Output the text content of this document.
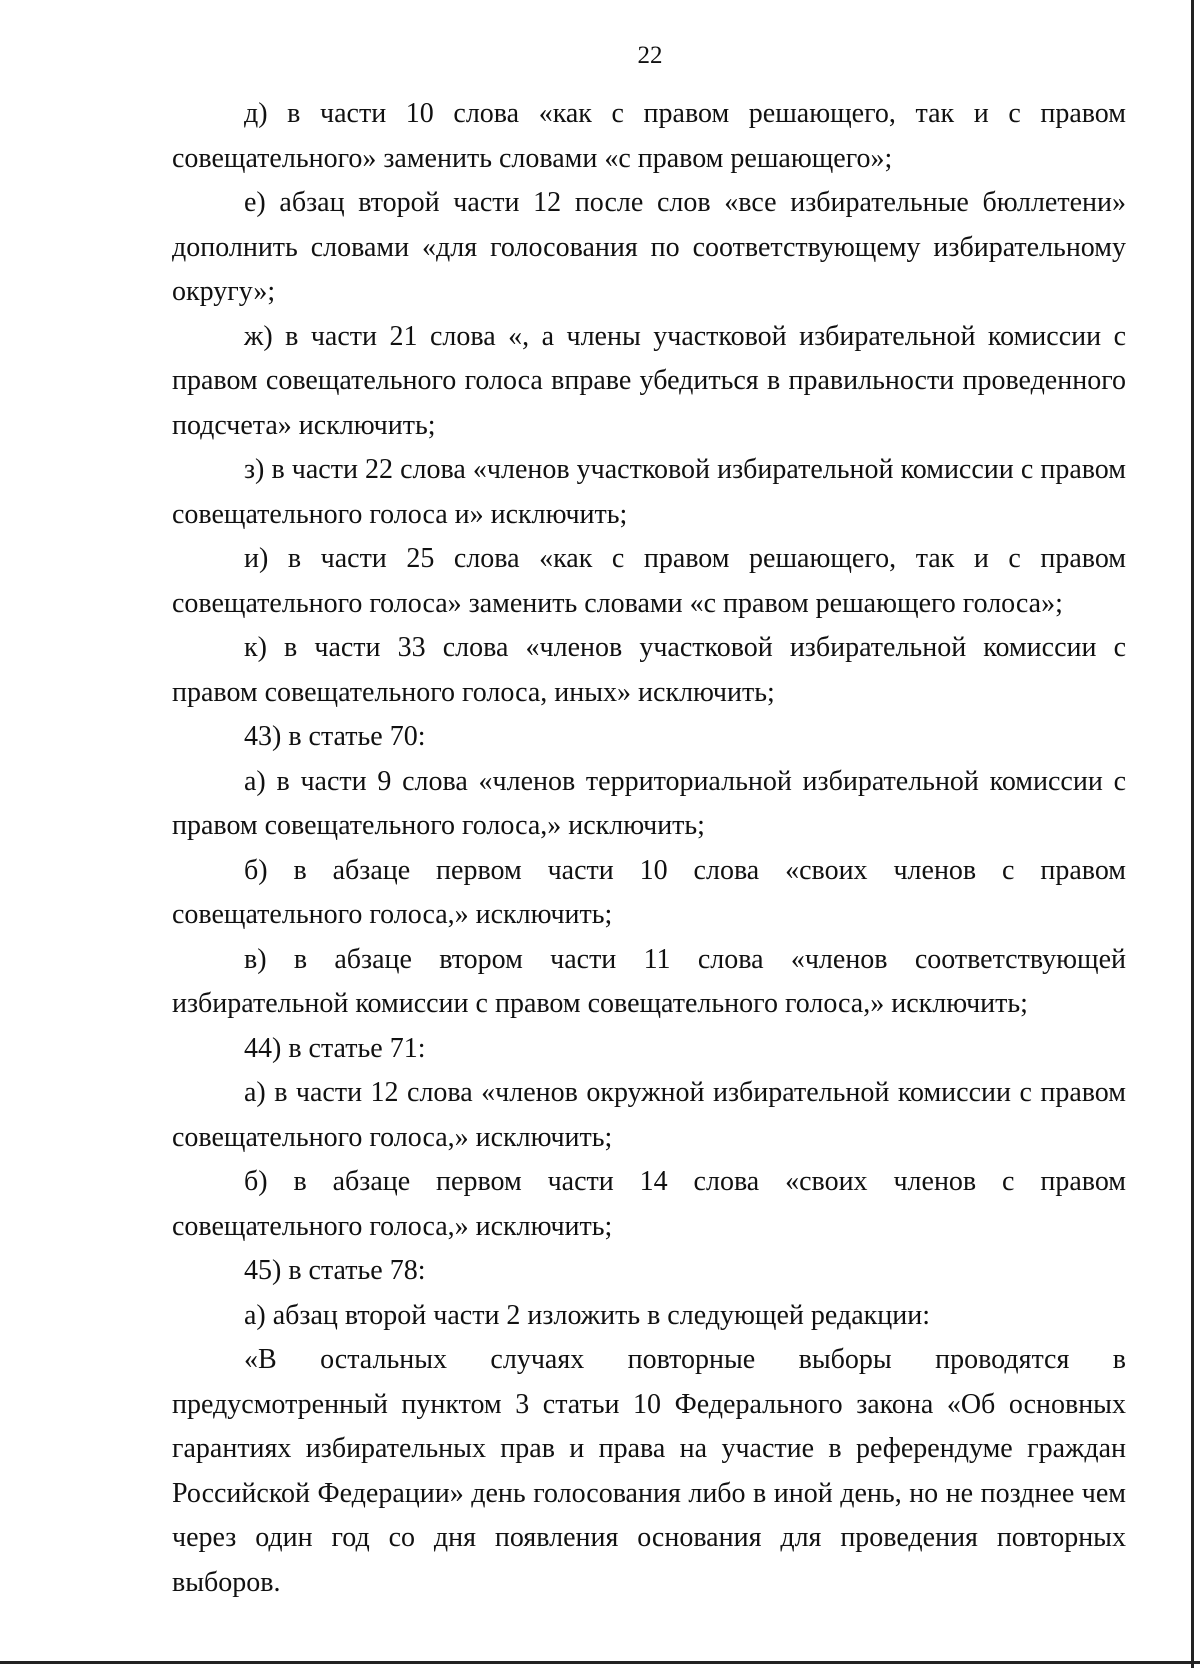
22

д) в части 10 слова «как с правом решающего, так и с правом совещательного» заменить словами «с правом решающего»;

е) абзац второй части 12 после слов «все избирательные бюллетени» дополнить словами «для голосования по соответствующему избирательному округу»;

ж) в части 21 слова «, а члены участковой избирательной комиссии с правом совещательного голоса вправе убедиться в правильности проведенного подсчета» исключить;

з) в части 22 слова «членов участковой избирательной комиссии с правом совещательного голоса и» исключить;

и) в части 25 слова «как с правом решающего, так и с правом совещательного голоса» заменить словами «с правом решающего голоса»;

к) в части 33 слова «членов участковой избирательной комиссии с правом совещательного голоса, иных» исключить;

43) в статье 70:

а) в части 9 слова «членов территориальной избирательной комиссии с правом совещательного голоса,» исключить;

б) в абзаце первом части 10 слова «своих членов с правом совещательного голоса,» исключить;

в) в абзаце втором части 11 слова «членов соответствующей избирательной комиссии с правом совещательного голоса,» исключить;

44) в статье 71:

а) в части 12 слова «членов окружной избирательной комиссии с правом совещательного голоса,» исключить;

б) в абзаце первом части 14 слова «своих членов с правом совещательного голоса,» исключить;

45) в статье 78:

а) абзац второй части 2 изложить в следующей редакции:

«В остальных случаях повторные выборы проводятся в предусмотренный пунктом 3 статьи 10 Федерального закона «Об основных гарантиях избирательных прав и права на участие в референдуме граждан Российской Федерации» день голосования либо в иной день, но не позднее чем через один год со дня появления основания для проведения повторных выборов.
